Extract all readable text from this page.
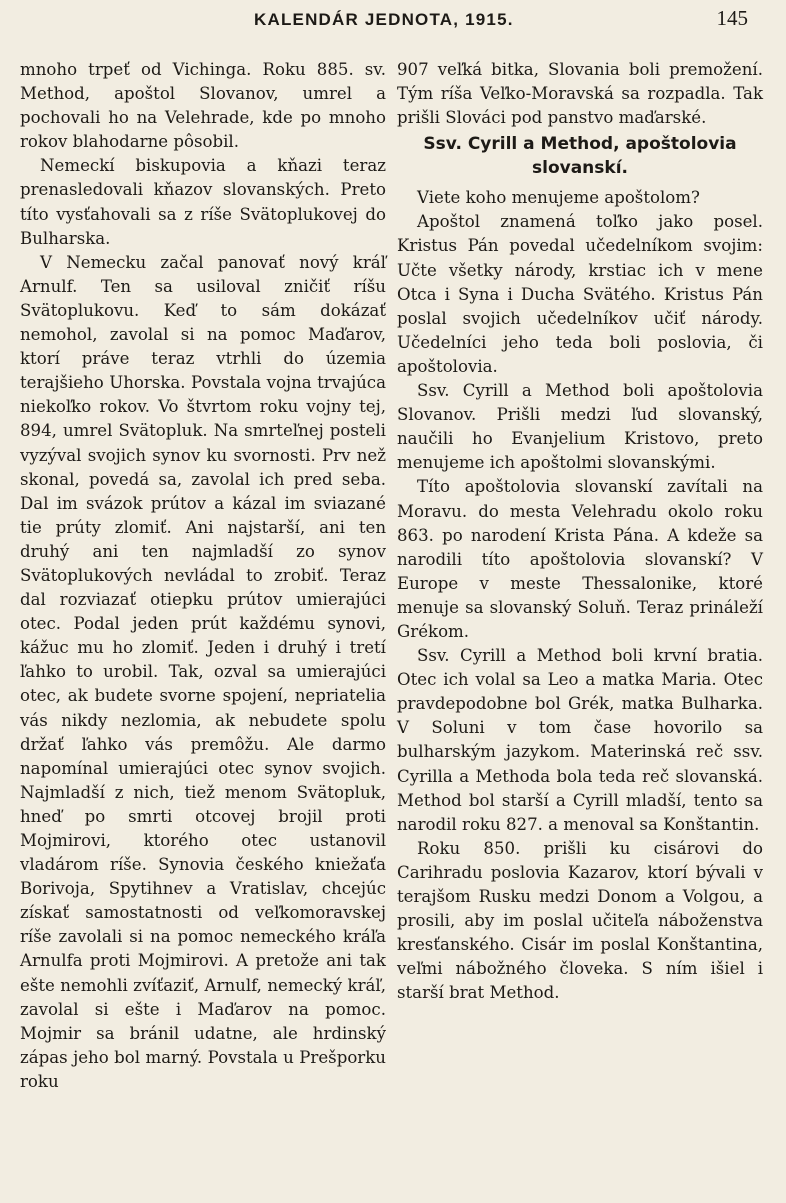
KALENDÁR JEDNOTA, 1915.	145

mnoho trpeť od Vichinga. Roku 885. sv. Method, apoštol Slovanov, umrel a pochovali ho na Velehrade, kde po mnoho rokov blahodarne pôsobil.

Nemeckí biskupovia a kňazi teraz prenasledovali kňazov slovanských. Preto títo vysťahovali sa z ríše Svätoplukovej do Bulharska.

V Nemecku začal panovať nový kráľ Arnulf. Ten sa usiloval zničiť ríšu Svätoplukovu. Keď to sám dokázať nemohol, zavolal si na pomoc Maďarov, ktorí práve teraz vtrhli do územia terajšieho Uhorska. Povstala vojna trvajúca niekoľko rokov. Vo štvrtom roku vojny tej, 894, umrel Svätopluk. Na smrteľnej posteli vyzýval svojich synov ku svornosti. Prv než skonal, povedá sa, zavolal ich pred seba. Dal im svázok prútov a kázal im sviazané tie prúty zlomiť. Ani najstarší, ani ten druhý ani ten najmladší zo synov Svätoplukových nevládal to zrobiť. Teraz dal rozviazať otiepku prútov umierajúci otec. Podal jeden prút každému synovi, kážuc mu ho zlomiť. Jeden i druhý i tretí ľahko to urobil. Tak, ozval sa umierajúci otec, ak budete svorne spojení, nepriatelia vás nikdy nezlomia, ak nebudete spolu držať ľahko vás premôžu. Ale darmo napomínal umierajúci otec synov svojich. Najmladší z nich, tiež menom Svätopluk, hneď po smrti otcovej brojil proti Mojmirovi, ktorého otec ustanovil vladárom ríše. Synovia českého kniežaťa Borivoja, Spytihnev a Vratislav, chcejúc získať samostatnosti od veľkomoravskej ríše zavolali si na pomoc nemeckého kráľa Arnulfa proti Mojmirovi. A pretože ani tak ešte nemohli zvíťaziť, Arnulf, nemecký kráľ, zavolal si ešte i Maďarov na pomoc. Mojmir sa bránil udatne, ale hrdinský zápas jeho bol marný. Povstala u Prešporku roku

907 veľká bitka, Slovania boli premožení. Tým ríša Veľko-Moravská sa rozpadla. Tak prišli Slováci pod panstvo maďarské.

Ssv. Cyrill a Method, apoštolovia slovanskí.

Viete koho menujeme apoštolom?

Apoštol znamená toľko jako posel. Kristus Pán povedal učedelníkom svojim: Učte všetky národy, krstiac ich v mene Otca i Syna i Ducha Svätého. Kristus Pán poslal svojich učedelníkov učiť národy. Učedelníci jeho teda boli poslovia, či apoštolovia.

Ssv. Cyrill a Method boli apoštolovia Slovanov. Prišli medzi ľud slovanský, naučili ho Evanjelium Kristovo, preto menujeme ich apoštolmi slovanskými.

Títo apoštolovia slovanskí zavítali na Moravu. do mesta Velehradu okolo roku 863. po narodení Krista Pána. A kdeže sa narodili títo apoštolovia slovanskí? V Europe v meste Thessalonike, ktoré menuje sa slovanský Soluň. Teraz prináleží Grékom.

Ssv. Cyrill a Method boli krvní bratia. Otec ich volal sa Leo a matka Maria. Otec pravdepodobne bol Grék, matka Bulharka. V Soluni v tom čase hovorilo sa bulharským jazykom. Materinská reč ssv. Cyrilla a Methoda bola teda reč slovanská. Method bol starší a Cyrill mladší, tento sa narodil roku 827. a menoval sa Konštantin.

Roku 850. prišli ku cisárovi do Carihradu poslovia Kazarov, ktorí bývali v terajšom Rusku medzi Donom a Volgou, a prosili, aby im poslal učiteľa náboženstva kresťanského. Cisár im poslal Konštantina, veľmi nábožného človeka. S ním išiel i starší brat Method.
